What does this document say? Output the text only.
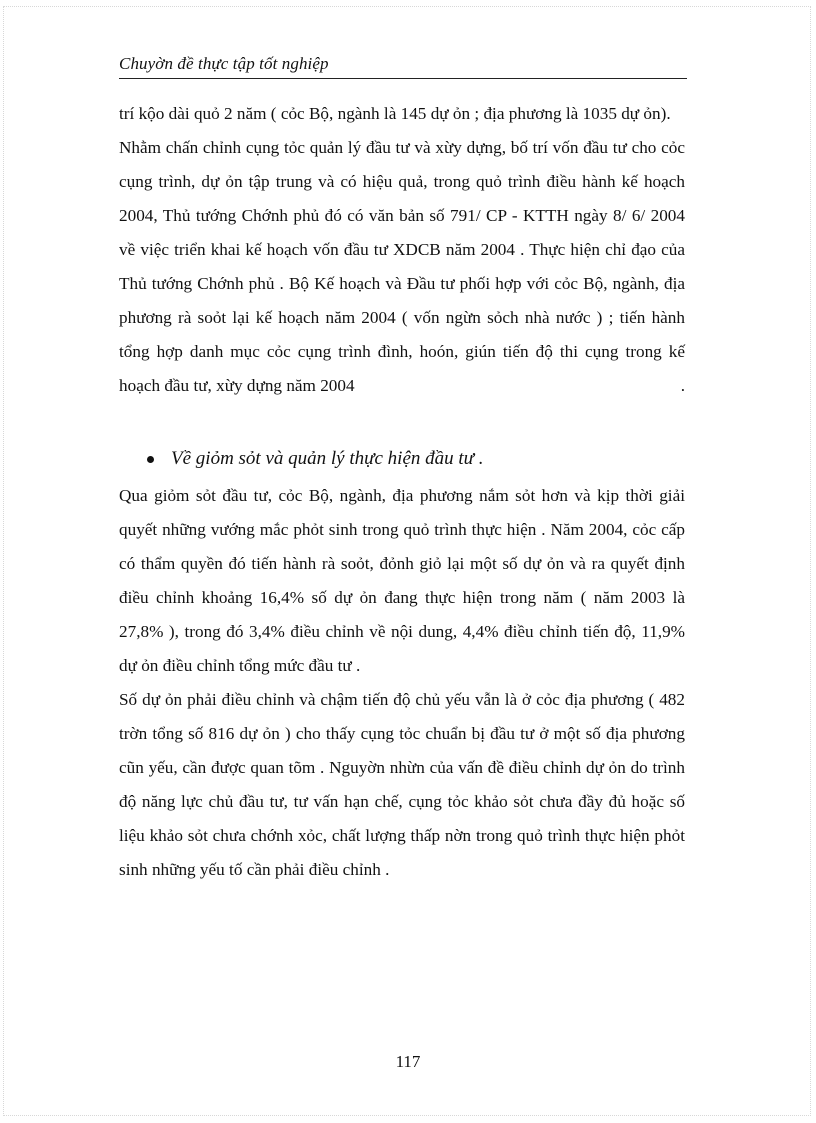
Chuyờn đề thực tập tốt nghiệp

trí kộo dài quỏ 2 năm ( cỏc Bộ, ngành là 145 dự ỏn ; địa phương là 1035 dự ỏn).

Nhằm chấn chỉnh cụng tỏc quản lý đầu tư và xừy dựng, bố trí vốn đầu tư cho cỏc cụng trình, dự ỏn tập trung và có hiệu quả, trong quỏ trình điều hành kế hoạch 2004, Thủ tướng Chớnh phủ đó có văn bản số 791/ CP - KTTH ngày 8/ 6/ 2004 về việc triển khai kế hoạch vốn đầu tư XDCB năm 2004 . Thực hiện chỉ đạo của Thủ tướng Chớnh phủ . Bộ Kế hoạch và Đầu tư phối hợp với cỏc Bộ, ngành, địa phương rà soỏt lại kế hoạch năm 2004 ( vốn ngừn sỏch nhà nước ) ; tiến hành tổng hợp danh mục cỏc cụng trình đình, hoón, giún tiến độ thi cụng trong kế hoạch đầu tư, xừy dựng năm 2004	.

Về giỏm sỏt và quản lý thực hiện đầu tư .

Qua giỏm sỏt đầu tư, cỏc Bộ, ngành, địa phương nắm sỏt hơn và kịp thời giải quyết những vướng mắc phỏt sinh trong quỏ trình thực hiện . Năm 2004, cỏc cấp có thẩm quyền đó tiến hành rà soỏt, đỏnh giỏ lại một số dự ỏn và ra quyết định điều chỉnh khoảng 16,4% số dự ỏn đang thực hiện trong năm ( năm 2003 là 27,8% ), trong đó 3,4% điều chỉnh về nội dung, 4,4% điều chỉnh tiến độ, 11,9% dự ỏn điều chỉnh tổng mức đầu tư .

Số dự ỏn phải điều chỉnh và chậm tiến độ chủ yếu vẫn là ở cỏc địa phương ( 482 trờn tổng số 816 dự ỏn ) cho thấy cụng tỏc chuẩn bị đầu tư ở một số địa phương cũn yếu, cần được quan tõm . Nguyờn nhừn của vấn đề điều chỉnh dự ỏn do trình độ năng lực chủ đầu tư, tư vấn hạn chế, cụng tỏc khảo sỏt chưa đầy đủ hoặc số liệu khảo sỏt chưa chớnh xỏc, chất lượng thấp nờn trong quỏ trình thực hiện phỏt sinh những yếu tố cần phải điều chỉnh .

117
